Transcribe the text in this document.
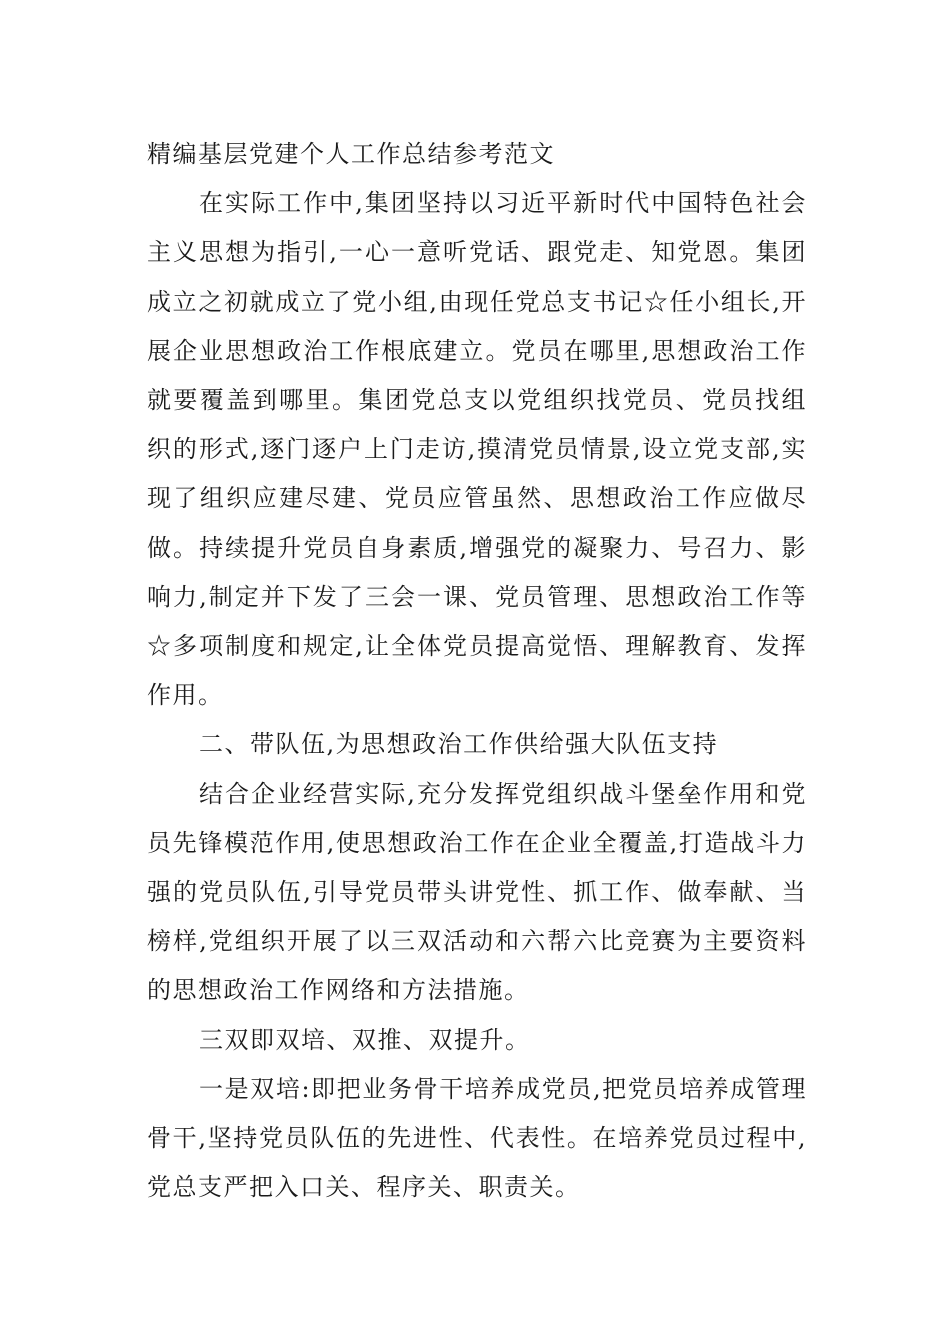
精编基层党建个人工作总结参考范文

在实际工作中,集团坚持以习近平新时代中国特色社会主义思想为指引,一心一意听党话、跟党走、知党恩。集团成立之初就成立了党小组,由现任党总支书记☆任小组长,开展企业思想政治工作根底建立。党员在哪里,思想政治工作就要覆盖到哪里。集团党总支以党组织找党员、党员找组织的形式,逐门逐户上门走访,摸清党员情景,设立党支部,实现了组织应建尽建、党员应管虽然、思想政治工作应做尽做。持续提升党员自身素质,增强党的凝聚力、号召力、影响力,制定并下发了三会一课、党员管理、思想政治工作等☆多项制度和规定,让全体党员提高觉悟、理解教育、发挥作用。

二、带队伍,为思想政治工作供给强大队伍支持

结合企业经营实际,充分发挥党组织战斗堡垒作用和党员先锋模范作用,使思想政治工作在企业全覆盖,打造战斗力强的党员队伍,引导党员带头讲党性、抓工作、做奉献、当榜样,党组织开展了以三双活动和六帮六比竞赛为主要资料的思想政治工作网络和方法措施。

三双即双培、双推、双提升。

一是双培:即把业务骨干培养成党员,把党员培养成管理骨干,坚持党员队伍的先进性、代表性。在培养党员过程中,党总支严把入口关、程序关、职责关。
